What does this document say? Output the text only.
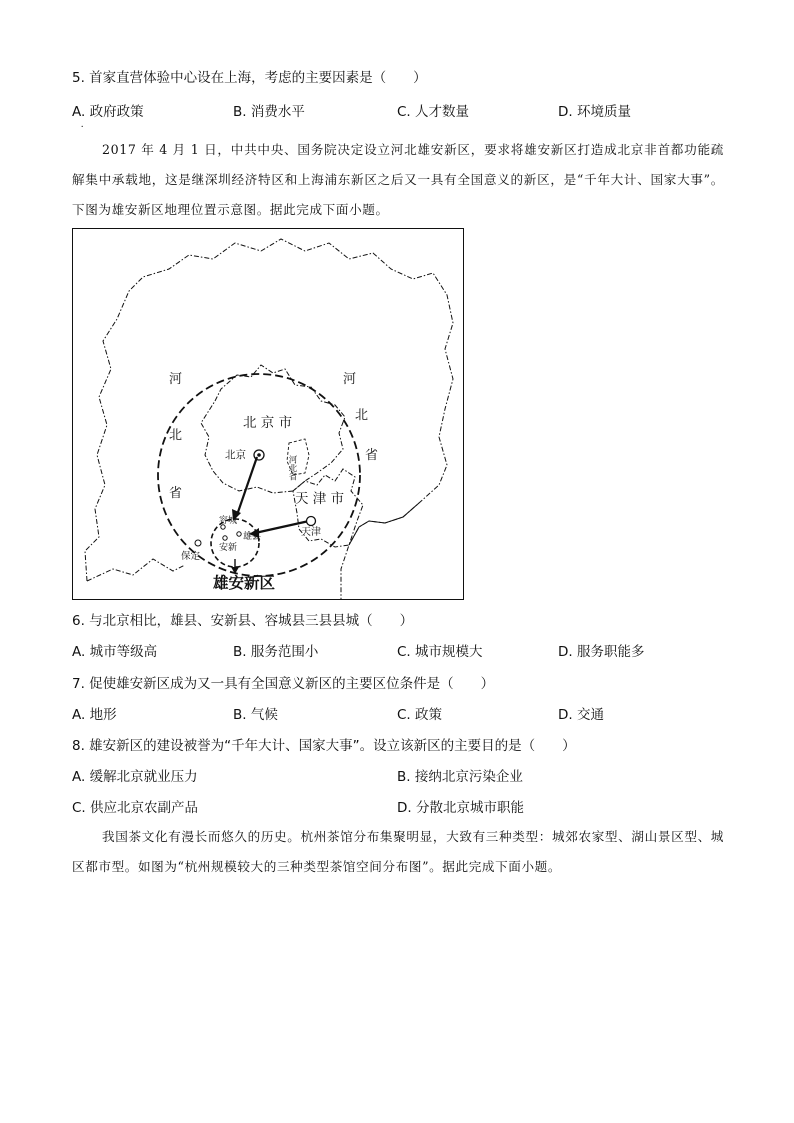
5. 首家直营体验中心设在上海，考虑的主要因素是（　　）
A. 政府政策	B. 消费水平	C. 人才数量	D. 环境质量
•
2017 年 4 月 1 日，中共中央、国务院决定设立河北雄安新区，要求将雄安新区打造成北京非首都功能疏解集中承载地，这是继深圳经济特区和上海浦东新区之后又一具有全国意义的新区，是“千年大计、国家大事”。下图为雄安新区地理位置示意图。据此完成下面小题。
河
北
省
河
北
省
北 京 市
北京	河北省
天 津 市
天津
容城
雄县
安新
保定
雄安新区
6. 与北京相比，雄县、安新县、容城县三县县城（　　）
A. 城市等级高	B. 服务范围小	C. 城市规模大	D. 服务职能多
7. 促使雄安新区成为又一具有全国意义新区的主要区位条件是（　　）
A. 地形	B. 气候	C. 政策	D. 交通
8. 雄安新区的建设被誉为“千年大计、国家大事”。设立该新区的主要目的是（　　）
A. 缓解北京就业压力	B. 接纳北京污染企业
C. 供应北京农副产品	D. 分散北京城市职能
我国茶文化有漫长而悠久的历史。杭州茶馆分布集聚明显，大致有三种类型：城郊农家型、湖山景区型、城区都市型。如图为“杭州规模较大的三种类型茶馆空间分布图”。据此完成下面小题。
